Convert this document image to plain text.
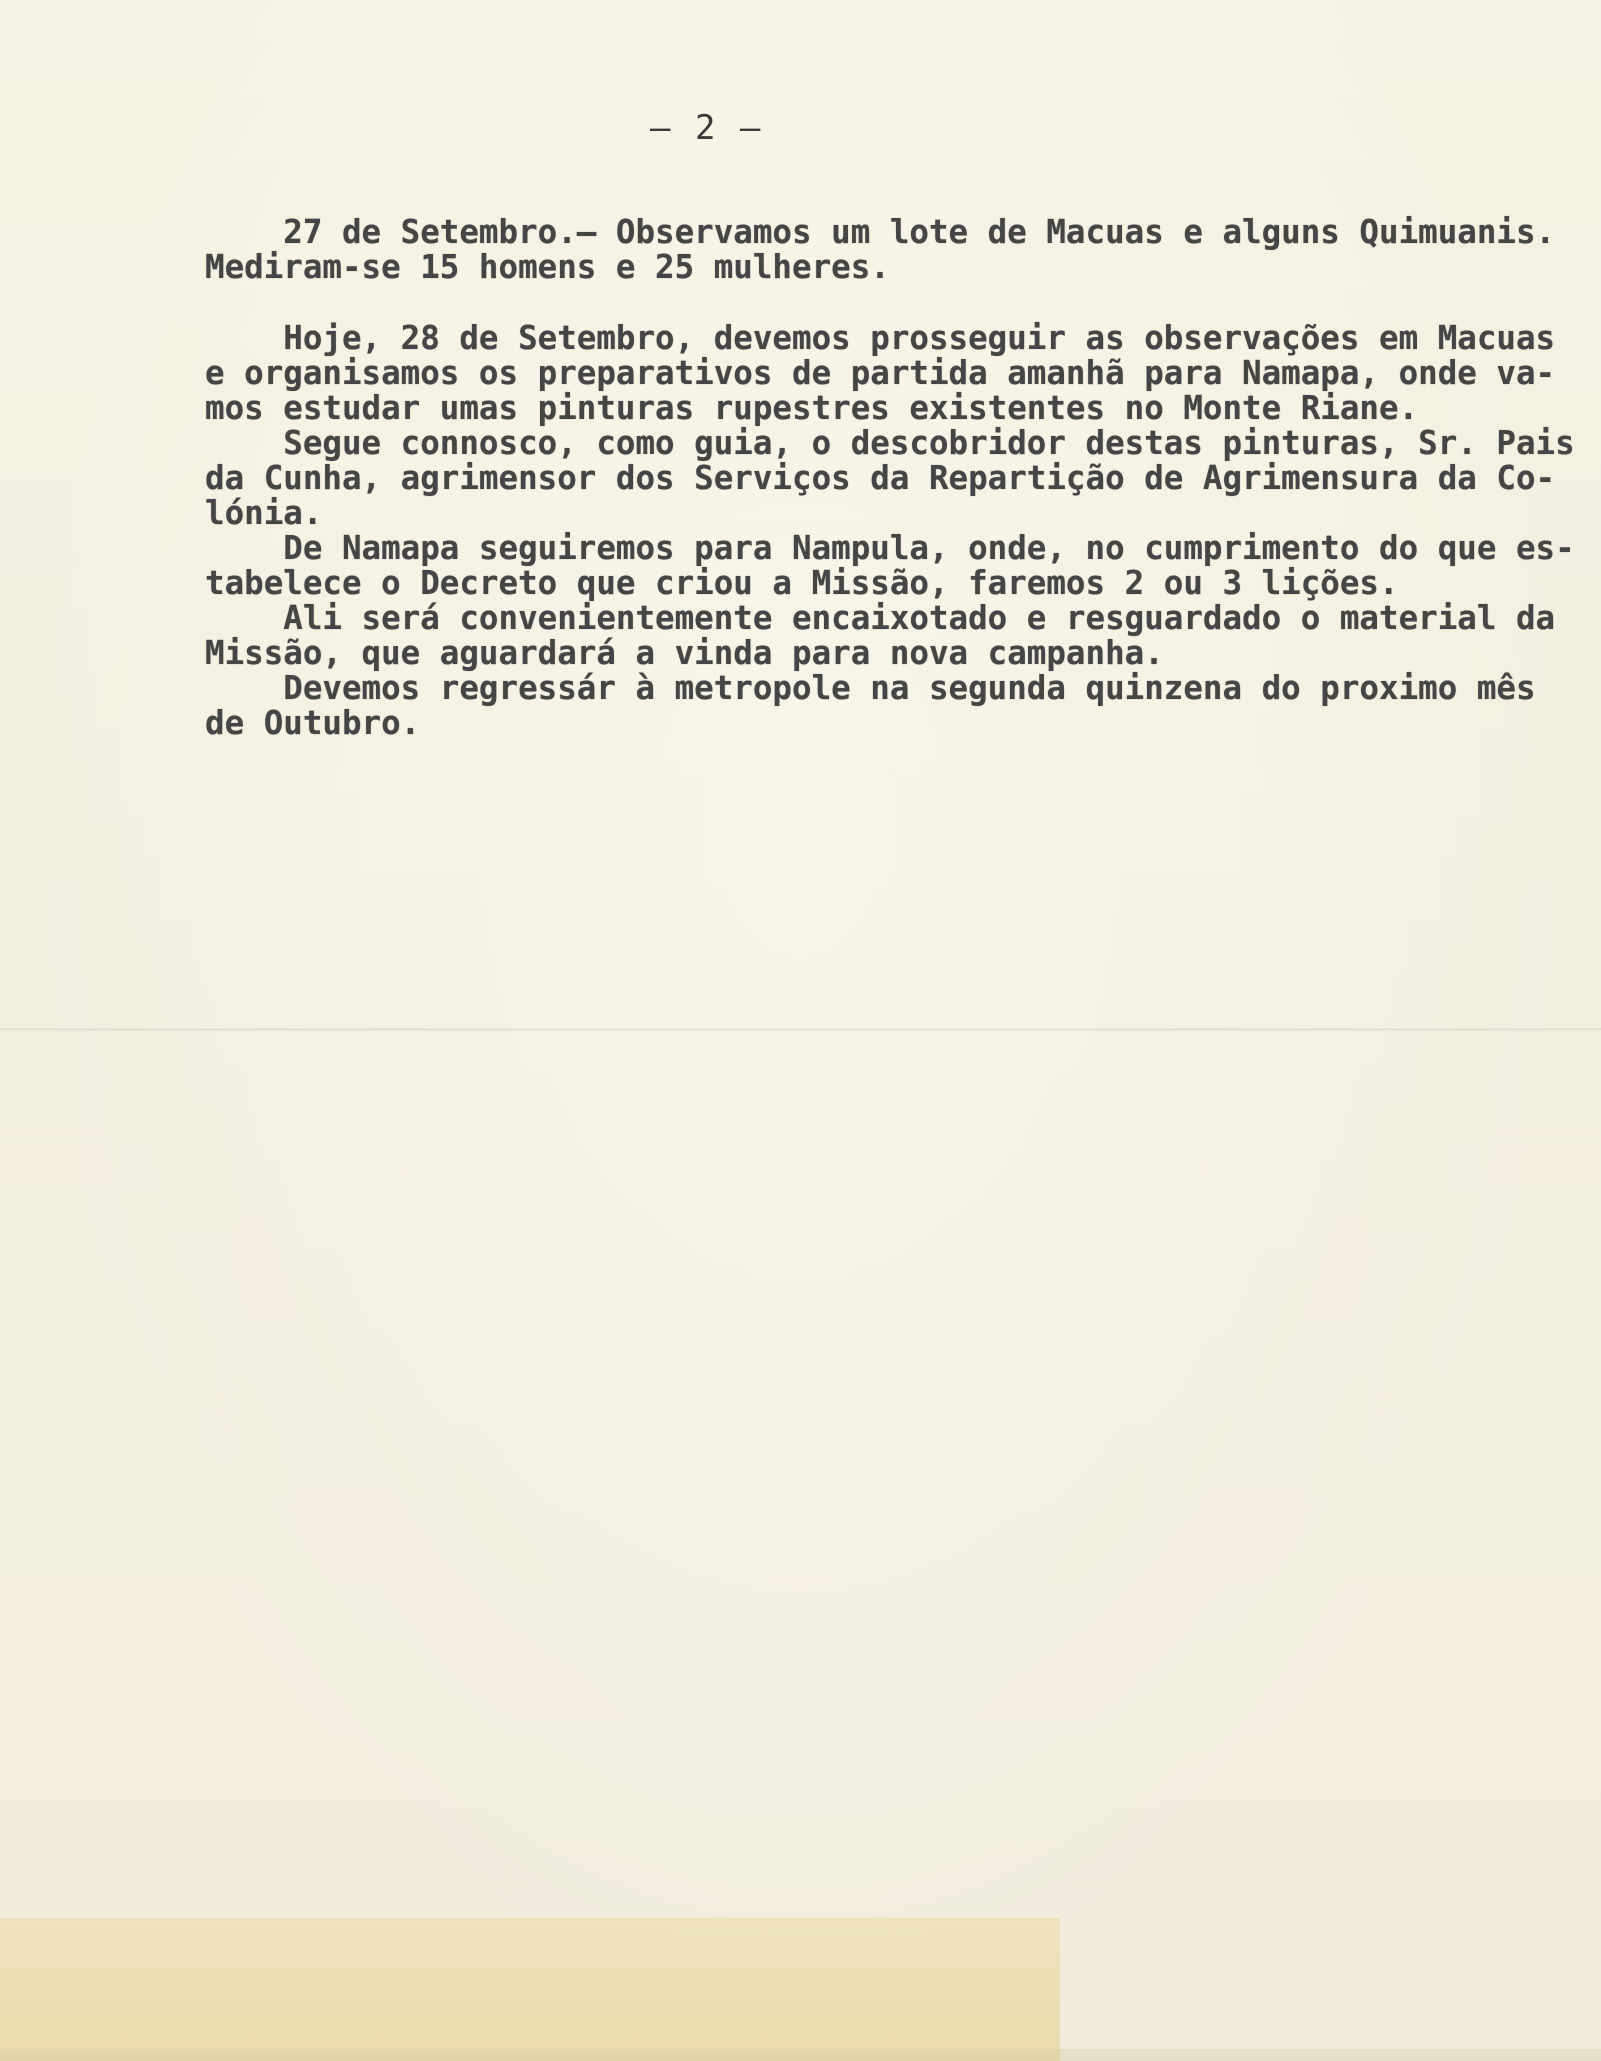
— 2 —
27 de Setembro.— Observamos um lote de Macuas e alguns Quimuanis.
Mediram-se 15 homens e 25 mulheres.
Hoje, 28 de Setembro, devemos prosseguir as observações em Macuas
e organisamos os preparativos de partida amanhã para Namapa, onde va-
mos estudar umas pinturas rupestres existentes no Monte Riane.
Segue connosco, como guia, o descobridor destas pinturas, Sr. Pais
da Cunha, agrimensor dos Serviços da Repartição de Agrimensura da Co-
lónia.
De Namapa seguiremos para Nampula, onde, no cumprimento do que es-
tabelece o Decreto que criou a Missão, faremos 2 ou 3 lições.
Ali será convenientemente encaixotado e resguardado o material da
Missão, que aguardará a vinda para nova campanha.
Devemos regressár à metropole na segunda quinzena do proximo mês
de Outubro.
